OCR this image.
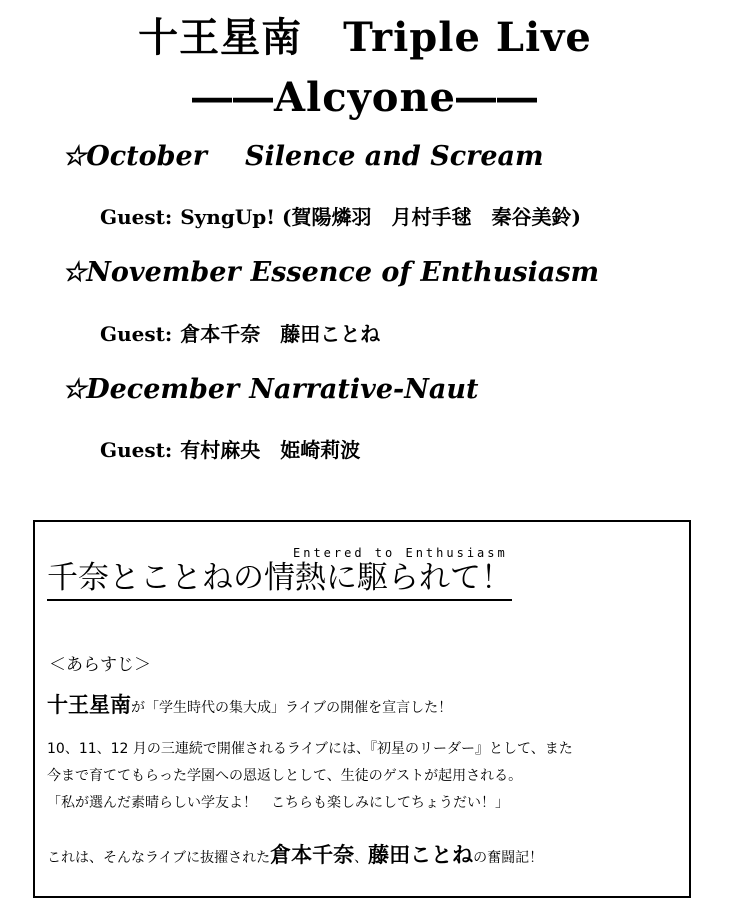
十王星南　Triple Live
――Alcyone――
☆October Silence and Scream
Guest: SyngUp! (賀陽燐羽　月村手毬　秦谷美鈴)
☆November Essence of Enthusiasm
Guest: 倉本千奈　藤田ことね
☆December Narrative-Naut
Guest: 有村麻央　姫崎莉波
Entered to Enthusiasm
千奈とことねの情熱に駆られて！
＜あらすじ＞
十王星南が「学生時代の集大成」ライブの開催を宣言した！
10、11、12 月の三連続で開催されるライブには、『初星のリーダー』として、また
今まで育ててもらった学園への恩返しとして、生徒のゲストが起用される。
「私が選んだ素晴らしい学友よ！　こちらも楽しみにしてちょうだい！」
これは、そんなライブに抜擢された倉本千奈、藤田ことねの奮闘記！
